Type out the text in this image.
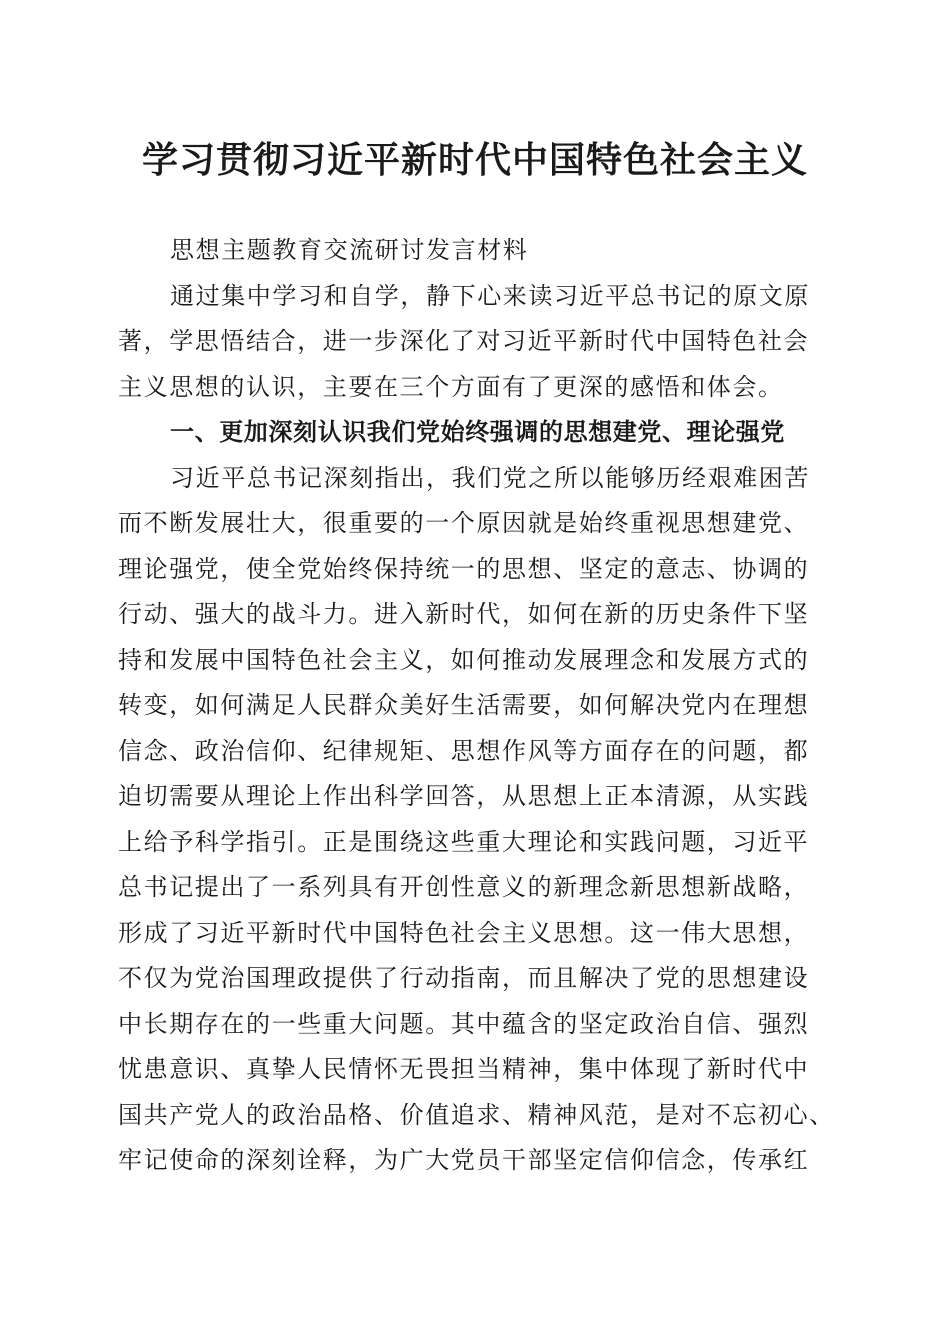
学习贯彻习近平新时代中国特色社会主义
思想主题教育交流研讨发言材料
通过集中学习和自学，静下心来读习近平总书记的原文原
著，学思悟结合，进一步深化了对习近平新时代中国特色社会
主义思想的认识，主要在三个方面有了更深的感悟和体会。
一、更加深刻认识我们党始终强调的思想建党、理论强党
习近平总书记深刻指出，我们党之所以能够历经艰难困苦
而不断发展壮大，很重要的一个原因就是始终重视思想建党、
理论强党，使全党始终保持统一的思想、坚定的意志、协调的
行动、强大的战斗力。进入新时代，如何在新的历史条件下坚
持和发展中国特色社会主义，如何推动发展理念和发展方式的
转变，如何满足人民群众美好生活需要，如何解决党内在理想
信念、政治信仰、纪律规矩、思想作风等方面存在的问题，都
迫切需要从理论上作出科学回答，从思想上正本清源，从实践
上给予科学指引。正是围绕这些重大理论和实践问题，习近平
总书记提出了一系列具有开创性意义的新理念新思想新战略，
形成了习近平新时代中国特色社会主义思想。这一伟大思想，
不仅为党治国理政提供了行动指南，而且解决了党的思想建设
中长期存在的一些重大问题。其中蕴含的坚定政治自信、强烈
忧患意识、真挚人民情怀无畏担当精神，集中体现了新时代中
国共产党人的政治品格、价值追求、精神风范，是对不忘初心、
牢记使命的深刻诠释，为广大党员干部坚定信仰信念，传承红
